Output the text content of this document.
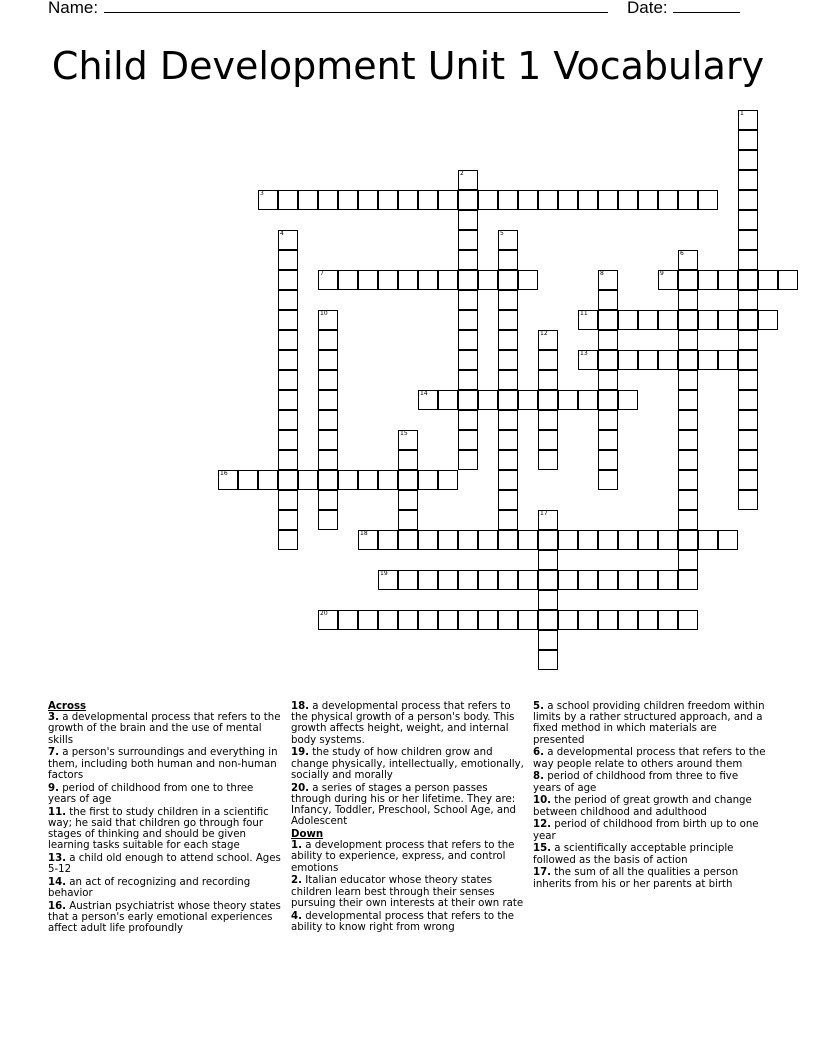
Name:	Date:
Child Development Unit 1 Vocabulary
3
7	9
11
13
14
16
18
19
20
1
2
4	5
6
8
10
12
15
17
Across
3. a developmental process that refers to the growth of the brain and the use of mental skills
7. a person's surroundings and everything in them, including both human and non-human factors
9. period of childhood from one to three years of age
11. the first to study children in a scientific way; he said that children go through four stages of thinking and should be given learning tasks suitable for each stage
13. a child old enough to attend school. Ages 5-12
14. an act of recognizing and recording behavior
16. Austrian psychiatrist whose theory states that a person's early emotional experiences affect adult life profoundly
18. a developmental process that refers to the physical growth of a person's body. This growth affects height, weight, and internal body systems.
19. the study of how children grow and change physically, intellectually, emotionally, socially and morally
20. a series of stages a person passes through during his or her lifetime. They are: Infancy, Toddler, Preschool, School Age, and Adolescent
Down
1. a development process that refers to the ability to experience, express, and control emotions
2. Italian educator whose theory states children learn best through their senses pursuing their own interests at their own rate
4. developmental process that refers to the ability to know right from wrong
5. a school providing children freedom within limits by a rather structured approach, and a fixed method in which materials are presented
6. a developmental process that refers to the way people relate to others around them
8. period of childhood from three to five years of age
10. the period of great growth and change between childhood and adulthood
12. period of childhood from birth up to one year
15. a scientifically acceptable principle followed as the basis of action
17. the sum of all the qualities a person inherits from his or her parents at birth
